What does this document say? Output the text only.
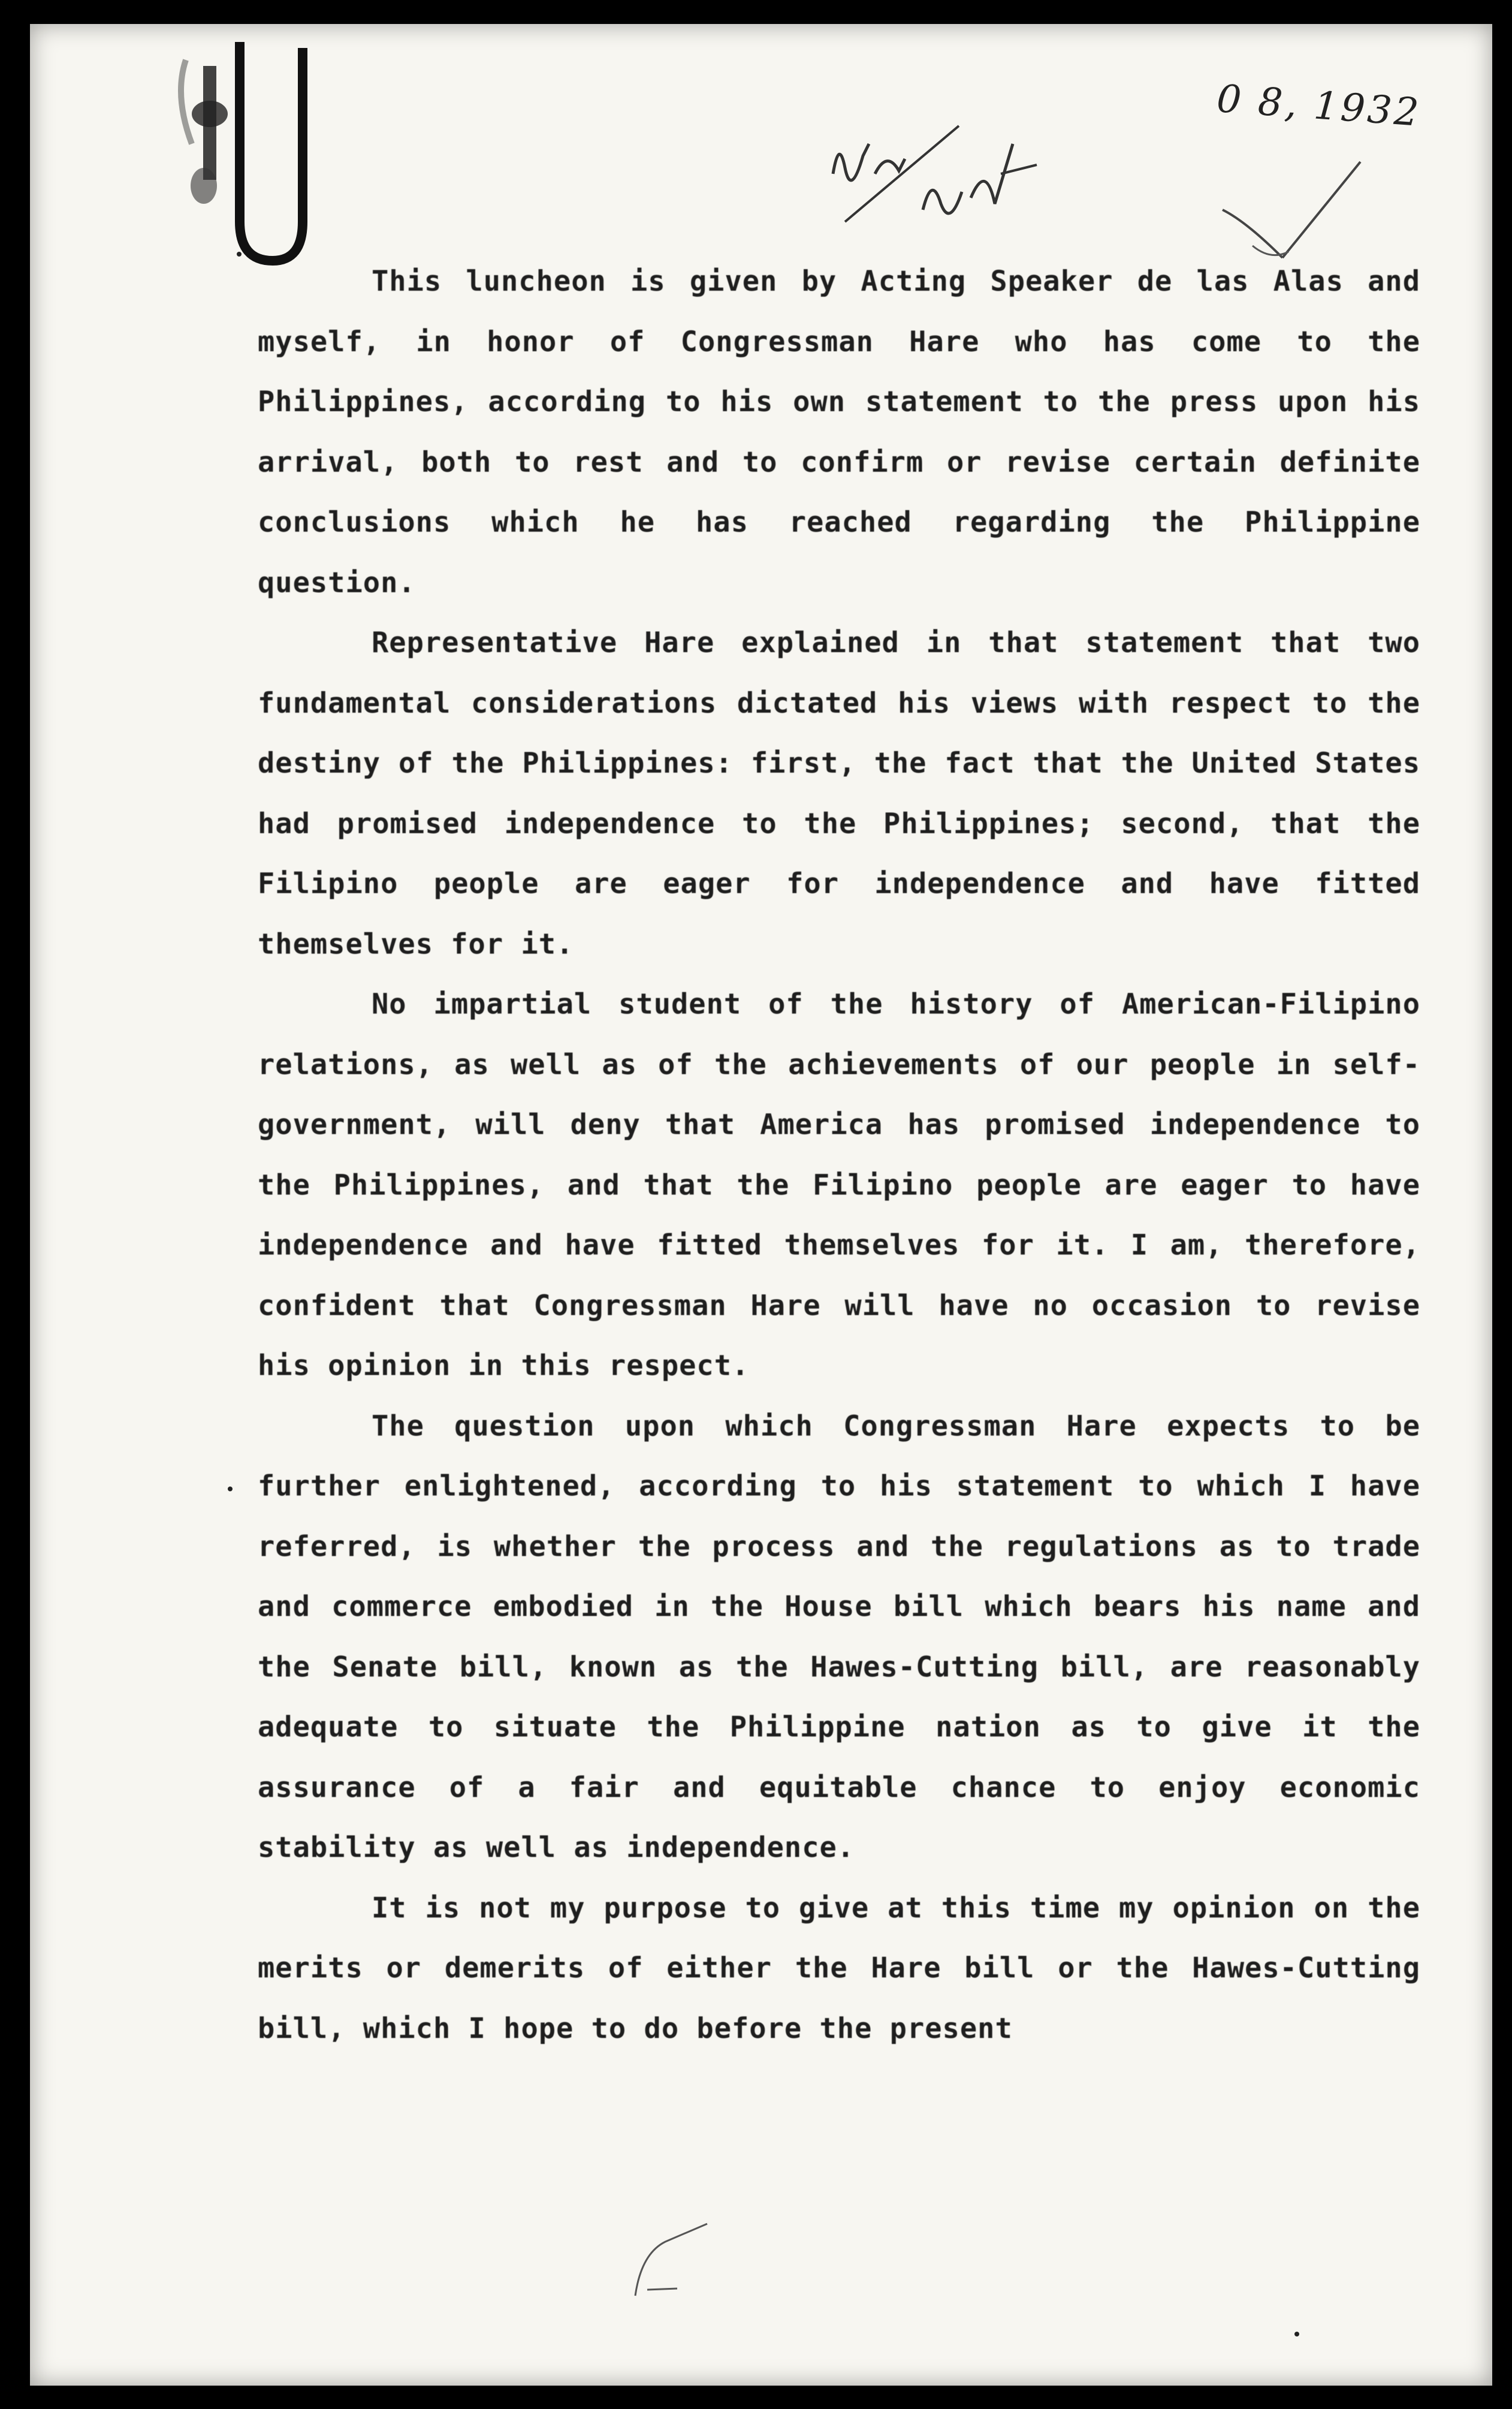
0 8, 1932

This luncheon is given by Acting Speaker de las Alas and myself, in honor of Congressman Hare who has come to the Philippines, according to his own statement to the press upon his arrival, both to rest and to confirm or revise certain definite conclusions which he has reached regarding the Philippine question.

Representative Hare explained in that statement that two fundamental considerations dictated his views with respect to the destiny of the Philippines: first, the fact that the United States had promised independence to the Philippines; second, that the Filipino people are eager for independence and have fitted themselves for it.

No impartial student of the history of American-Filipino relations, as well as of the achievements of our people in self-government, will deny that America has promised independence to the Philippines, and that the Filipino people are eager to have independence and have fitted themselves for it. I am, therefore, confident that Congressman Hare will have no occasion to revise his opinion in this respect.

The question upon which Congressman Hare expects to be further enlightened, according to his statement to which I have referred, is whether the process and the regulations as to trade and commerce embodied in the House bill which bears his name and the Senate bill, known as the Hawes-Cutting bill, are reasonably adequate to situate the Philippine nation as to give it the assurance of a fair and equitable chance to enjoy economic stability as well as independence.

It is not my purpose to give at this time my opinion on the merits or demerits of either the Hare bill or the Hawes-Cutting bill, which I hope to do before the present
